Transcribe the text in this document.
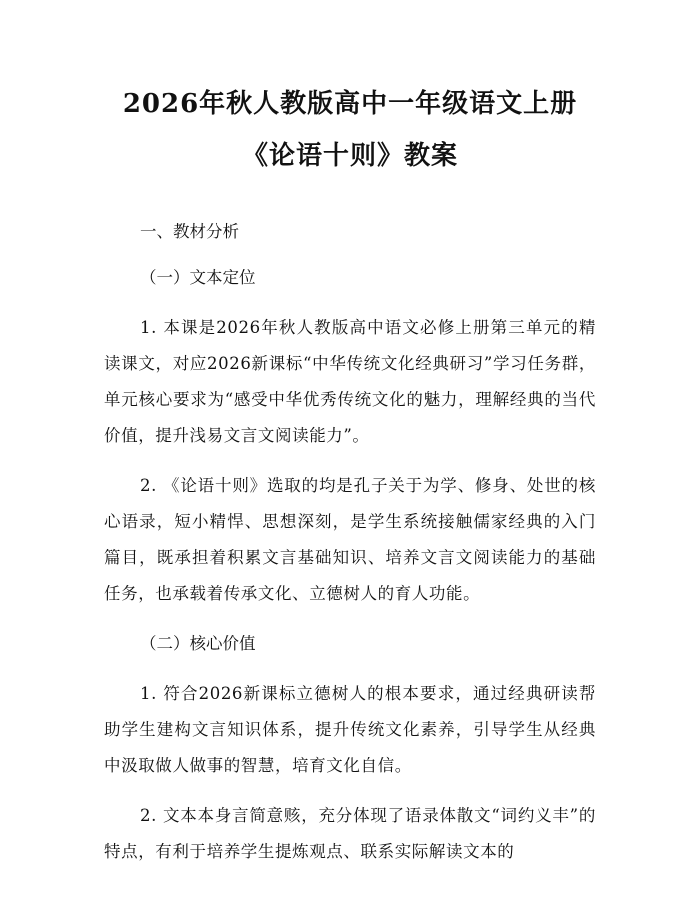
2026年秋人教版高中一年级语文上册《论语十则》教案
一、教材分析
（一）文本定位

1. 本课是2026年秋人教版高中语文必修上册第三单元的精读课文，对应2026新课标“中华传统文化经典研习”学习任务群，单元核心要求为“感受中华优秀传统文化的魅力，理解经典的当代价值，提升浅易文言文阅读能力”。

2. 《论语十则》选取的均是孔子关于为学、修身、处世的核心语录，短小精悍、思想深刻，是学生系统接触儒家经典的入门篇目，既承担着积累文言基础知识、培养文言文阅读能力的基础任务，也承载着传承文化、立德树人的育人功能。

（二）核心价值

1. 符合2026新课标立德树人的根本要求，通过经典研读帮助学生建构文言知识体系，提升传统文化素养，引导学生从经典中汲取做人做事的智慧，培育文化自信。

2. 文本本身言简意赅，充分体现了语录体散文“词约义丰”的特点，有利于培养学生提炼观点、联系实际解读文本的
